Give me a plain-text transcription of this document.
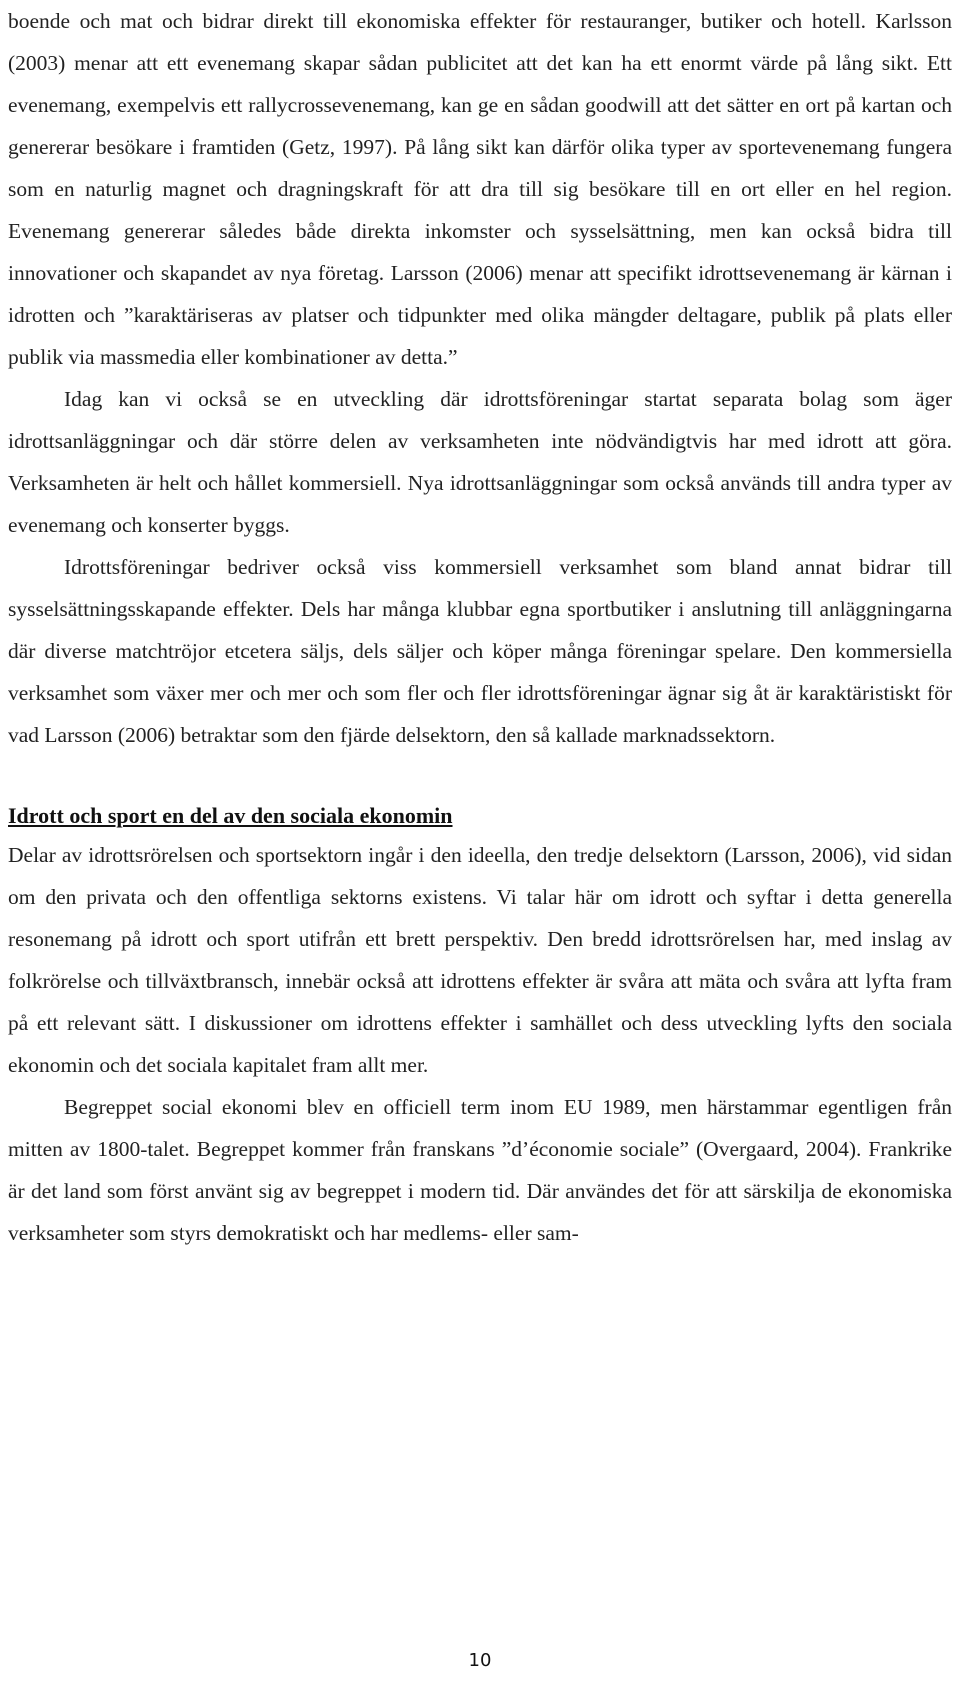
boende och mat och bidrar direkt till ekonomiska effekter för restauranger, butiker och hotell. Karlsson (2003) menar att ett evenemang skapar sådan publicitet att det kan ha ett enormt värde på lång sikt. Ett evenemang, exempelvis ett rallycrossevenemang, kan ge en sådan goodwill att det sätter en ort på kartan och genererar besökare i framtiden (Getz, 1997). På lång sikt kan därför olika typer av sportevenemang fungera som en naturlig magnet och dragningskraft för att dra till sig besökare till en ort eller en hel region. Evenemang genererar således både direkta inkomster och sysselsättning, men kan också bidra till innovationer och skapandet av nya företag. Larsson (2006) menar att specifikt idrottsevenemang är kärnan i idrotten och ”karaktäriseras av platser och tidpunkter med olika mängder deltagare, publik på plats eller publik via massmedia eller kombinationer av detta.”

Idag kan vi också se en utveckling där idrottsföreningar startat separata bolag som äger idrottsanläggningar och där större delen av verksamheten inte nödvändigtvis har med idrott att göra. Verksamheten är helt och hållet kommersiell. Nya idrottsanläggningar som också används till andra typer av evenemang och konserter byggs.

Idrottsföreningar bedriver också viss kommersiell verksamhet som bland annat bidrar till sysselsättningsskapande effekter. Dels har många klubbar egna sportbutiker i anslutning till anläggningarna där diverse matchtröjor etcetera säljs, dels säljer och köper många föreningar spelare. Den kommersiella verksamhet som växer mer och mer och som fler och fler idrottsföreningar ägnar sig åt är karaktäristiskt för vad Larsson (2006) betraktar som den fjärde delsektorn, den så kallade marknadssektorn.

Idrott och sport en del av den sociala ekonomin

Delar av idrottsrörelsen och sportsektorn ingår i den ideella, den tredje delsektorn (Larsson, 2006), vid sidan om den privata och den offentliga sektorns existens. Vi talar här om idrott och syftar i detta generella resonemang på idrott och sport utifrån ett brett perspektiv. Den bredd idrottsrörelsen har, med inslag av folkrörelse och tillväxtbransch, innebär också att idrottens effekter är svåra att mäta och svåra att lyfta fram på ett relevant sätt. I diskussioner om idrottens effekter i samhället och dess utveckling lyfts den sociala ekonomin och det sociala kapitalet fram allt mer.

Begreppet social ekonomi blev en officiell term inom EU 1989, men härstammar egentligen från mitten av 1800-talet. Begreppet kommer från franskans ”d’économie sociale” (Overgaard, 2004). Frankrike är det land som först använt sig av begreppet i modern tid. Där användes det för att särskilja de ekonomiska verksamheter som styrs demokratiskt och har medlems- eller sam-

10
